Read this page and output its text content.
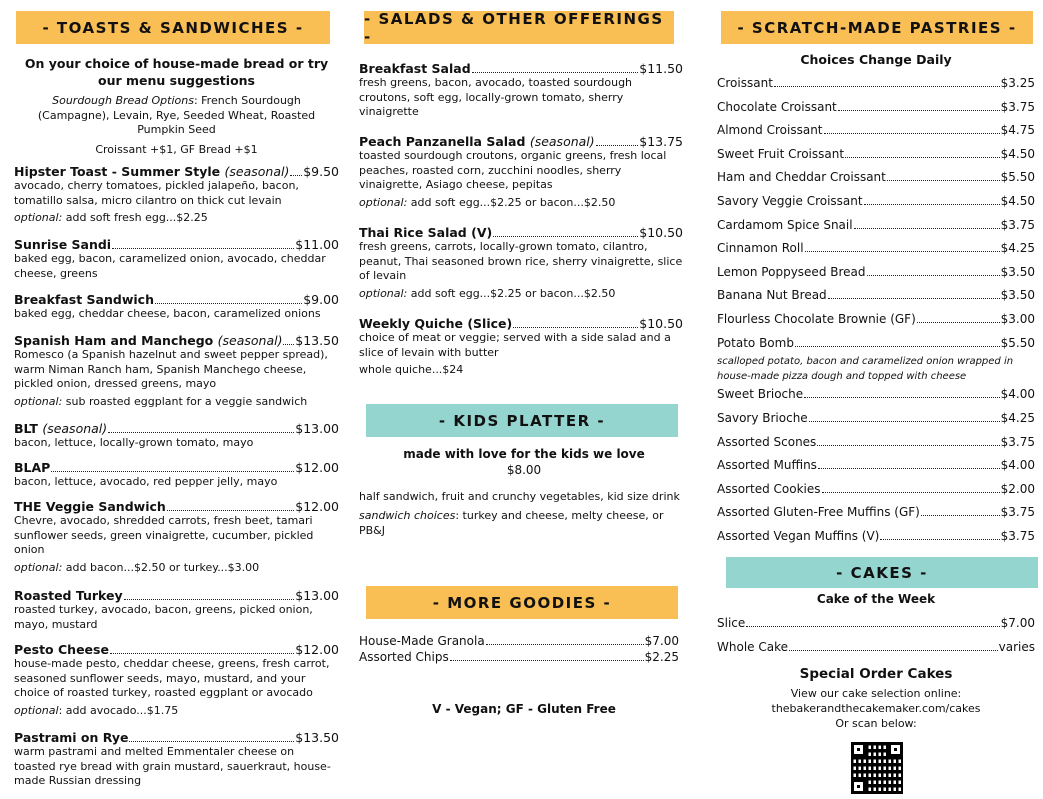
- TOASTS & SANDWICHES -
On your choice of house-made bread or try our menu suggestions
Sourdough Bread Options: French Sourdough (Campagne), Levain, Rye, Seeded Wheat, Roasted Pumpkin Seed
Croissant +$1, GF Bread +$1
Hipster Toast - Summer Style (seasonal) $9.50
avocado, cherry tomatoes, pickled jalapeño, bacon, tomatillo salsa, micro cilantro on thick cut levain
optional: add soft fresh egg...$2.25
Sunrise Sandi	$11.00
baked egg, bacon, caramelized onion, avocado, cheddar cheese, greens
Breakfast Sandwich	$9.00
baked egg, cheddar cheese, bacon, caramelized onions
Spanish Ham and Manchego (seasonal) $13.50
Romesco (a Spanish hazelnut and sweet pepper spread), warm Niman Ranch ham, Spanish Manchego cheese, pickled onion, dressed greens, mayo
optional: sub roasted eggplant for a veggie sandwich
BLT (seasonal)	$13.00
bacon, lettuce, locally-grown tomato, mayo
BLAP	$12.00
bacon, lettuce, avocado, red pepper jelly, mayo
THE Veggie Sandwich	$12.00
Chevre, avocado, shredded carrots, fresh beet, tamari sunflower seeds, green vinaigrette, cucumber, pickled onion
optional: add bacon...$2.50 or turkey...$3.00
Roasted Turkey	$13.00
roasted turkey, avocado, bacon, greens, picked onion, mayo, mustard
Pesto Cheese	$12.00
house-made pesto, cheddar cheese, greens, fresh carrot, seasoned sunflower seeds, mayo, mustard, and your choice of roasted turkey, roasted eggplant or avocado
optional: add avocado...$1.75
Pastrami on Rye	$13.50
warm pastrami and melted Emmentaler cheese on toasted rye bread with grain mustard, sauerkraut, house-made Russian dressing
- SALADS & OTHER OFFERINGS -
Breakfast Salad	$11.50
fresh greens, bacon, avocado, toasted sourdough croutons, soft egg, locally-grown tomato, sherry vinaigrette
Peach Panzanella Salad (seasonal)	$13.75
toasted sourdough croutons, organic greens, fresh local peaches, roasted corn, zucchini noodles, sherry vinaigrette, Asiago cheese, pepitas
optional: add soft egg...$2.25 or bacon...$2.50
Thai Rice Salad (V)	$10.50
fresh greens, carrots, locally-grown tomato, cilantro, peanut, Thai seasoned brown rice, sherry vinaigrette, slice of levain
optional: add soft egg...$2.25 or bacon...$2.50
Weekly Quiche (Slice)	$10.50
choice of meat or veggie; served with a side salad and a slice of levain with butter
whole quiche...$24
- KIDS PLATTER -
made with love for the kids we love
$8.00
half sandwich, fruit and crunchy vegetables, kid size drink
sandwich choices: turkey and cheese, melty cheese, or PB&J
- MORE GOODIES -
House-Made Granola	$7.00
Assorted Chips	$2.25
V - Vegan; GF - Gluten Free
- SCRATCH-MADE PASTRIES -
Choices Change Daily
Croissant	$3.25
Chocolate Croissant	$3.75
Almond Croissant	$4.75
Sweet Fruit Croissant	$4.50
Ham and Cheddar Croissant	$5.50
Savory Veggie Croissant	$4.50
Cardamom Spice Snail	$3.75
Cinnamon Roll	$4.25
Lemon Poppyseed Bread	$3.50
Banana Nut Bread	$3.50
Flourless Chocolate Brownie (GF)	$3.00
Potato Bomb	$5.50
scalloped potato, bacon and caramelized onion wrapped in house-made pizza dough and topped with cheese
Sweet Brioche	$4.00
Savory Brioche	$4.25
Assorted Scones	$3.75
Assorted Muffins	$4.00
Assorted Cookies	$2.00
Assorted Gluten-Free Muffins (GF)	$3.75
Assorted Vegan Muffins (V)	$3.75
- CAKES -
Cake of the Week
Slice	$7.00
Whole Cake	varies
Special Order Cakes
View our cake selection online:
thebakerandthecakemaker.com/cakes
Or scan below:
